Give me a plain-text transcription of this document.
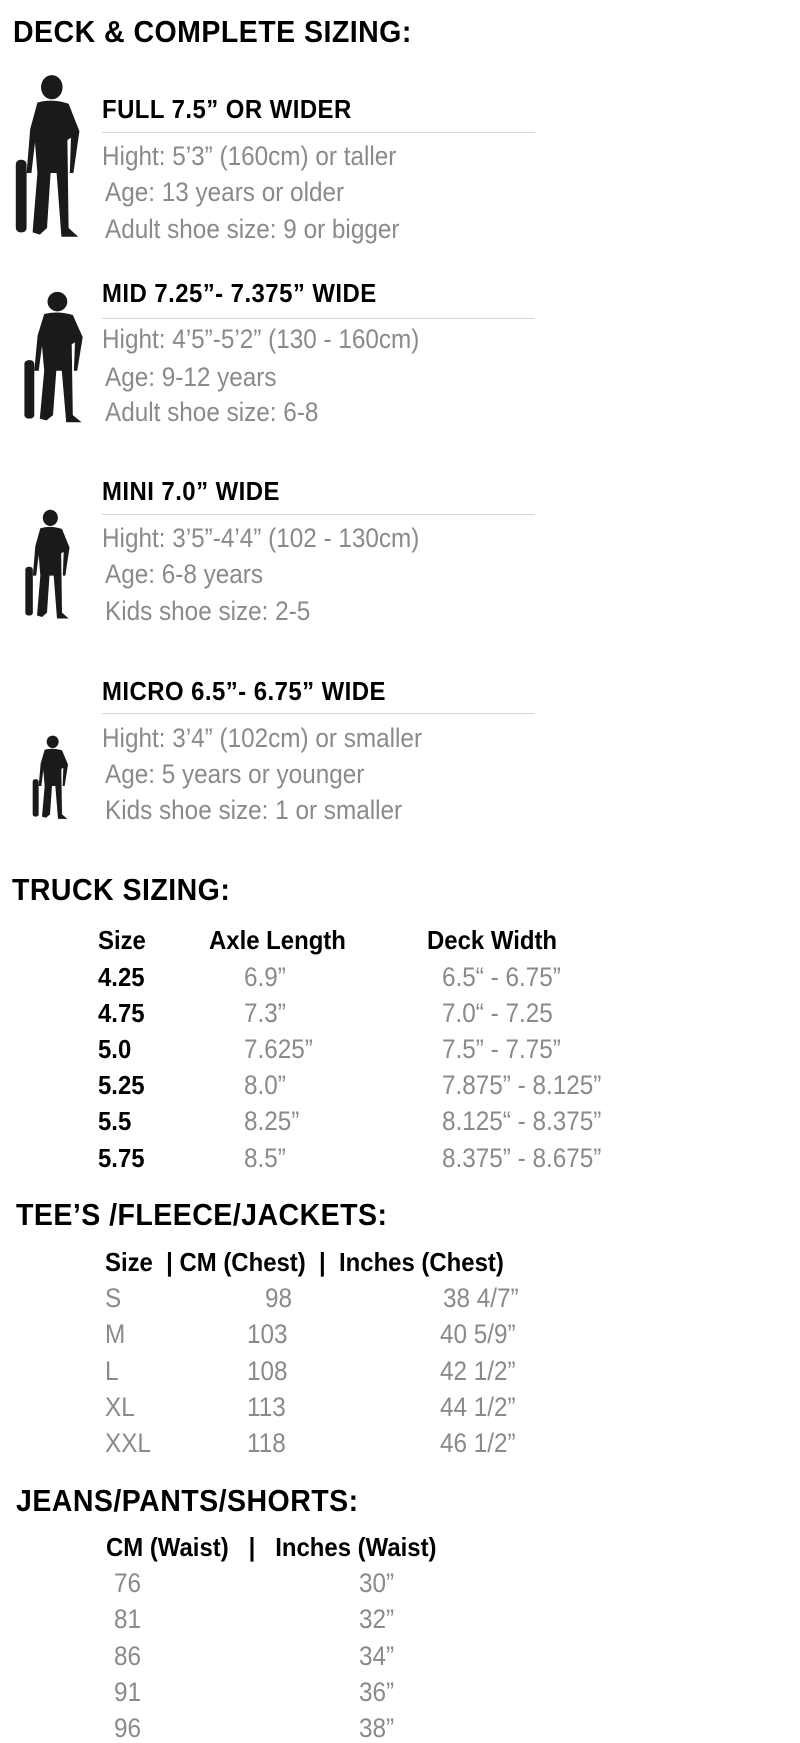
DECK & COMPLETE SIZING:
TRUCK SIZING:
TEE’S /FLEECE/JACKETS:
JEANS/PANTS/SHORTS:
Size  | CM (Chest)  |  Inches (Chest)
CM (Waist)   |   Inches (Waist)
FULL 7.5” OR WIDER
Hight: 5’3” (160cm) or taller
Age: 13 years or older
Adult shoe size: 9 or bigger
MID 7.25”- 7.375” WIDE
Hight: 4’5”-5’2” (130 - 160cm)
Age: 9-12 years
Adult shoe size: 6-8
MINI 7.0” WIDE
Hight: 3’5”-4’4” (102 - 130cm)
Age: 6-8 years
Kids shoe size: 2-5
MICRO 6.5”- 6.75” WIDE
Hight: 3’4” (102cm) or smaller
Age: 5 years or younger
Kids shoe size: 1 or smaller
Size Axle Length	Deck Width
4.25	6.9”	6.5“ - 6.75”
4.75	7.3”	7.0“ - 7.25
5.0	7.625”	7.5” - 7.75”
5.25	8.0”	7.875” - 8.125”
5.5	8.25”	8.125“ - 8.375”
5.75	8.5”	8.375” - 8.675”
S	98	38 4/7”
M	103	40 5/9”
L	108	42 1/2”
XL	113	44 1/2”
XXL	118	46 1/2”
76	30”
81	32”
86	34”
91	36”
96	38”
